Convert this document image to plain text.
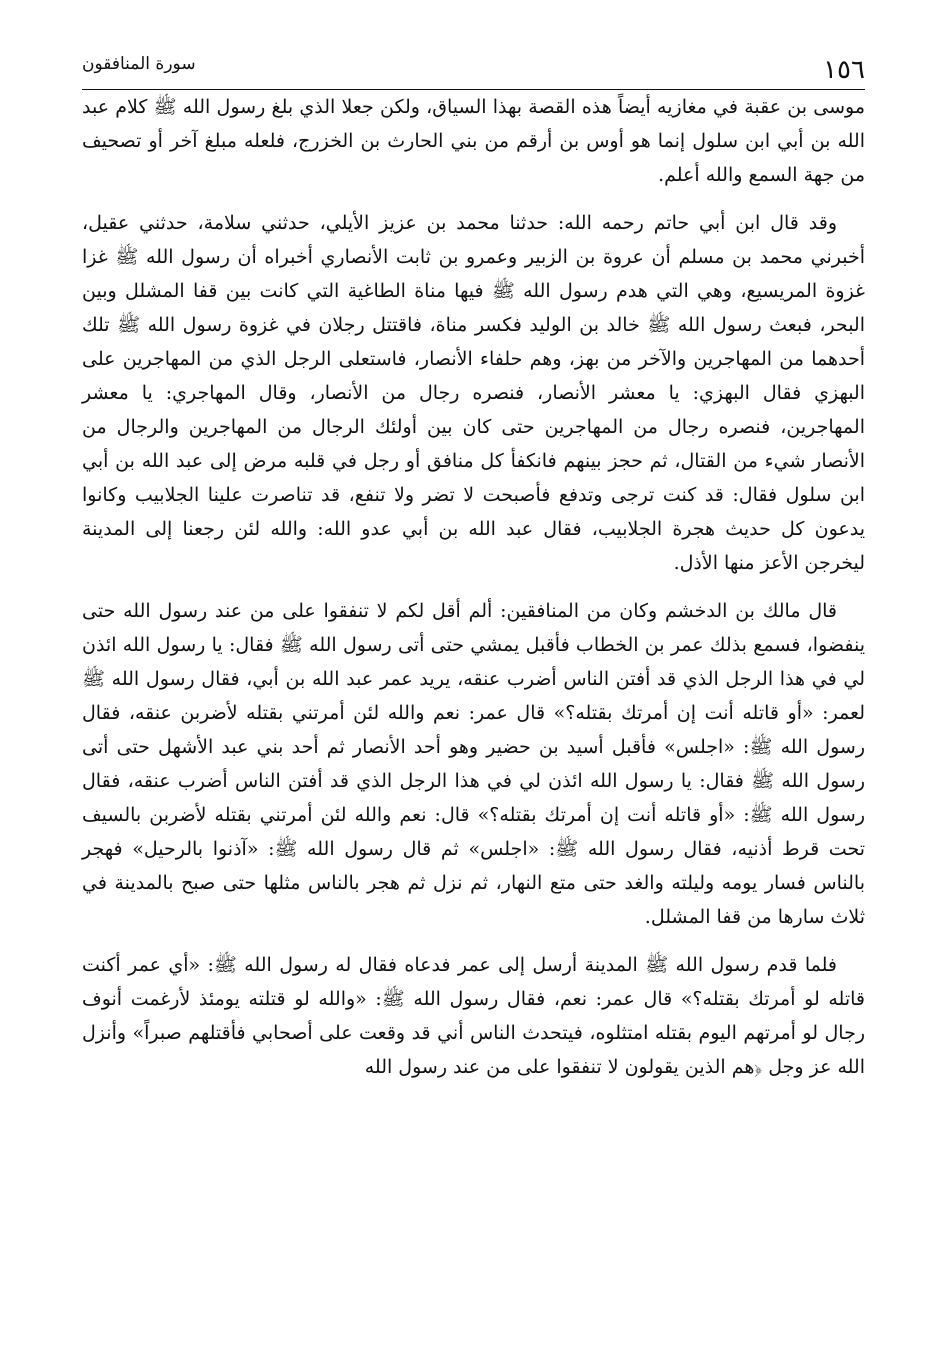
١٥٦
سورة المنافقون

موسى بن عقبة في مغازيه أيضاً هذه القصة بهذا السياق، ولكن جعلا الذي بلغ رسول الله ﷺ كلام عبد الله بن أبي ابن سلول إنما هو أوس بن أرقم من بني الحارث بن الخزرج، فلعله مبلغ آخر أو تصحيف من جهة السمع والله أعلم.

وقد قال ابن أبي حاتم رحمه الله: حدثنا محمد بن عزيز الأيلي، حدثني سلامة، حدثني عقيل، أخبرني محمد بن مسلم أن عروة بن الزبير وعمرو بن ثابت الأنصاري أخبراه أن رسول الله ﷺ غزا غزوة المريسيع، وهي التي هدم رسول الله ﷺ فيها مناة الطاغية التي كانت بين قفا المشلل وبين البحر، فبعث رسول الله ﷺ خالد بن الوليد فكسر مناة، فاقتتل رجلان في غزوة رسول الله ﷺ تلك أحدهما من المهاجرين والآخر من بهز، وهم حلفاء الأنصار، فاستعلى الرجل الذي من المهاجرين على البهزي فقال البهزي: يا معشر الأنصار، فنصره رجال من الأنصار، وقال المهاجري: يا معشر المهاجرين، فنصره رجال من المهاجرين حتى كان بين أولئك الرجال من المهاجرين والرجال من الأنصار شيء من القتال، ثم حجز بينهم فانكفأ كل منافق أو رجل في قلبه مرض إلى عبد الله بن أبي ابن سلول فقال: قد كنت ترجى وتدفع فأصبحت لا تضر ولا تنفع، قد تناصرت علينا الجلابيب وكانوا يدعون كل حديث هجرة الجلابيب، فقال عبد الله بن أبي عدو الله: والله لئن رجعنا إلى المدينة ليخرجن الأعز منها الأذل.

قال مالك بن الدخشم وكان من المنافقين: ألم أقل لكم لا تنفقوا على من عند رسول الله حتى ينفضوا، فسمع بذلك عمر بن الخطاب فأقبل يمشي حتى أتى رسول الله ﷺ فقال: يا رسول الله ائذن لي في هذا الرجل الذي قد أفتن الناس أضرب عنقه، يريد عمر عبد الله بن أبي، فقال رسول الله ﷺ لعمر: «أو قاتله أنت إن أمرتك بقتله؟» قال عمر: نعم والله لئن أمرتني بقتله لأضربن عنقه، فقال رسول الله ﷺ: «اجلس» فأقبل أسيد بن حضير وهو أحد الأنصار ثم أحد بني عبد الأشهل حتى أتى رسول الله ﷺ فقال: يا رسول الله ائذن لي في هذا الرجل الذي قد أفتن الناس أضرب عنقه، فقال رسول الله ﷺ: «أو قاتله أنت إن أمرتك بقتله؟» قال: نعم والله لئن أمرتني بقتله لأضربن بالسيف تحت قرط أذنيه، فقال رسول الله ﷺ: «اجلس» ثم قال رسول الله ﷺ: «آذنوا بالرحيل» فهجر بالناس فسار يومه وليلته والغد حتى متع النهار، ثم نزل ثم هجر بالناس مثلها حتى صبح بالمدينة في ثلاث سارها من قفا المشلل.

فلما قدم رسول الله ﷺ المدينة أرسل إلى عمر فدعاه فقال له رسول الله ﷺ: «أي عمر أكنت قاتله لو أمرتك بقتله؟» قال عمر: نعم، فقال رسول الله ﷺ: «والله لو قتلته يومئذ لأرغمت أنوف رجال لو أمرتهم اليوم بقتله امتثلوه، فيتحدث الناس أني قد وقعت على أصحابي فأقتلهم صبراً» وأنزل الله عز وجل ﴿هم الذين يقولون لا تنفقوا على من عند رسول الله
